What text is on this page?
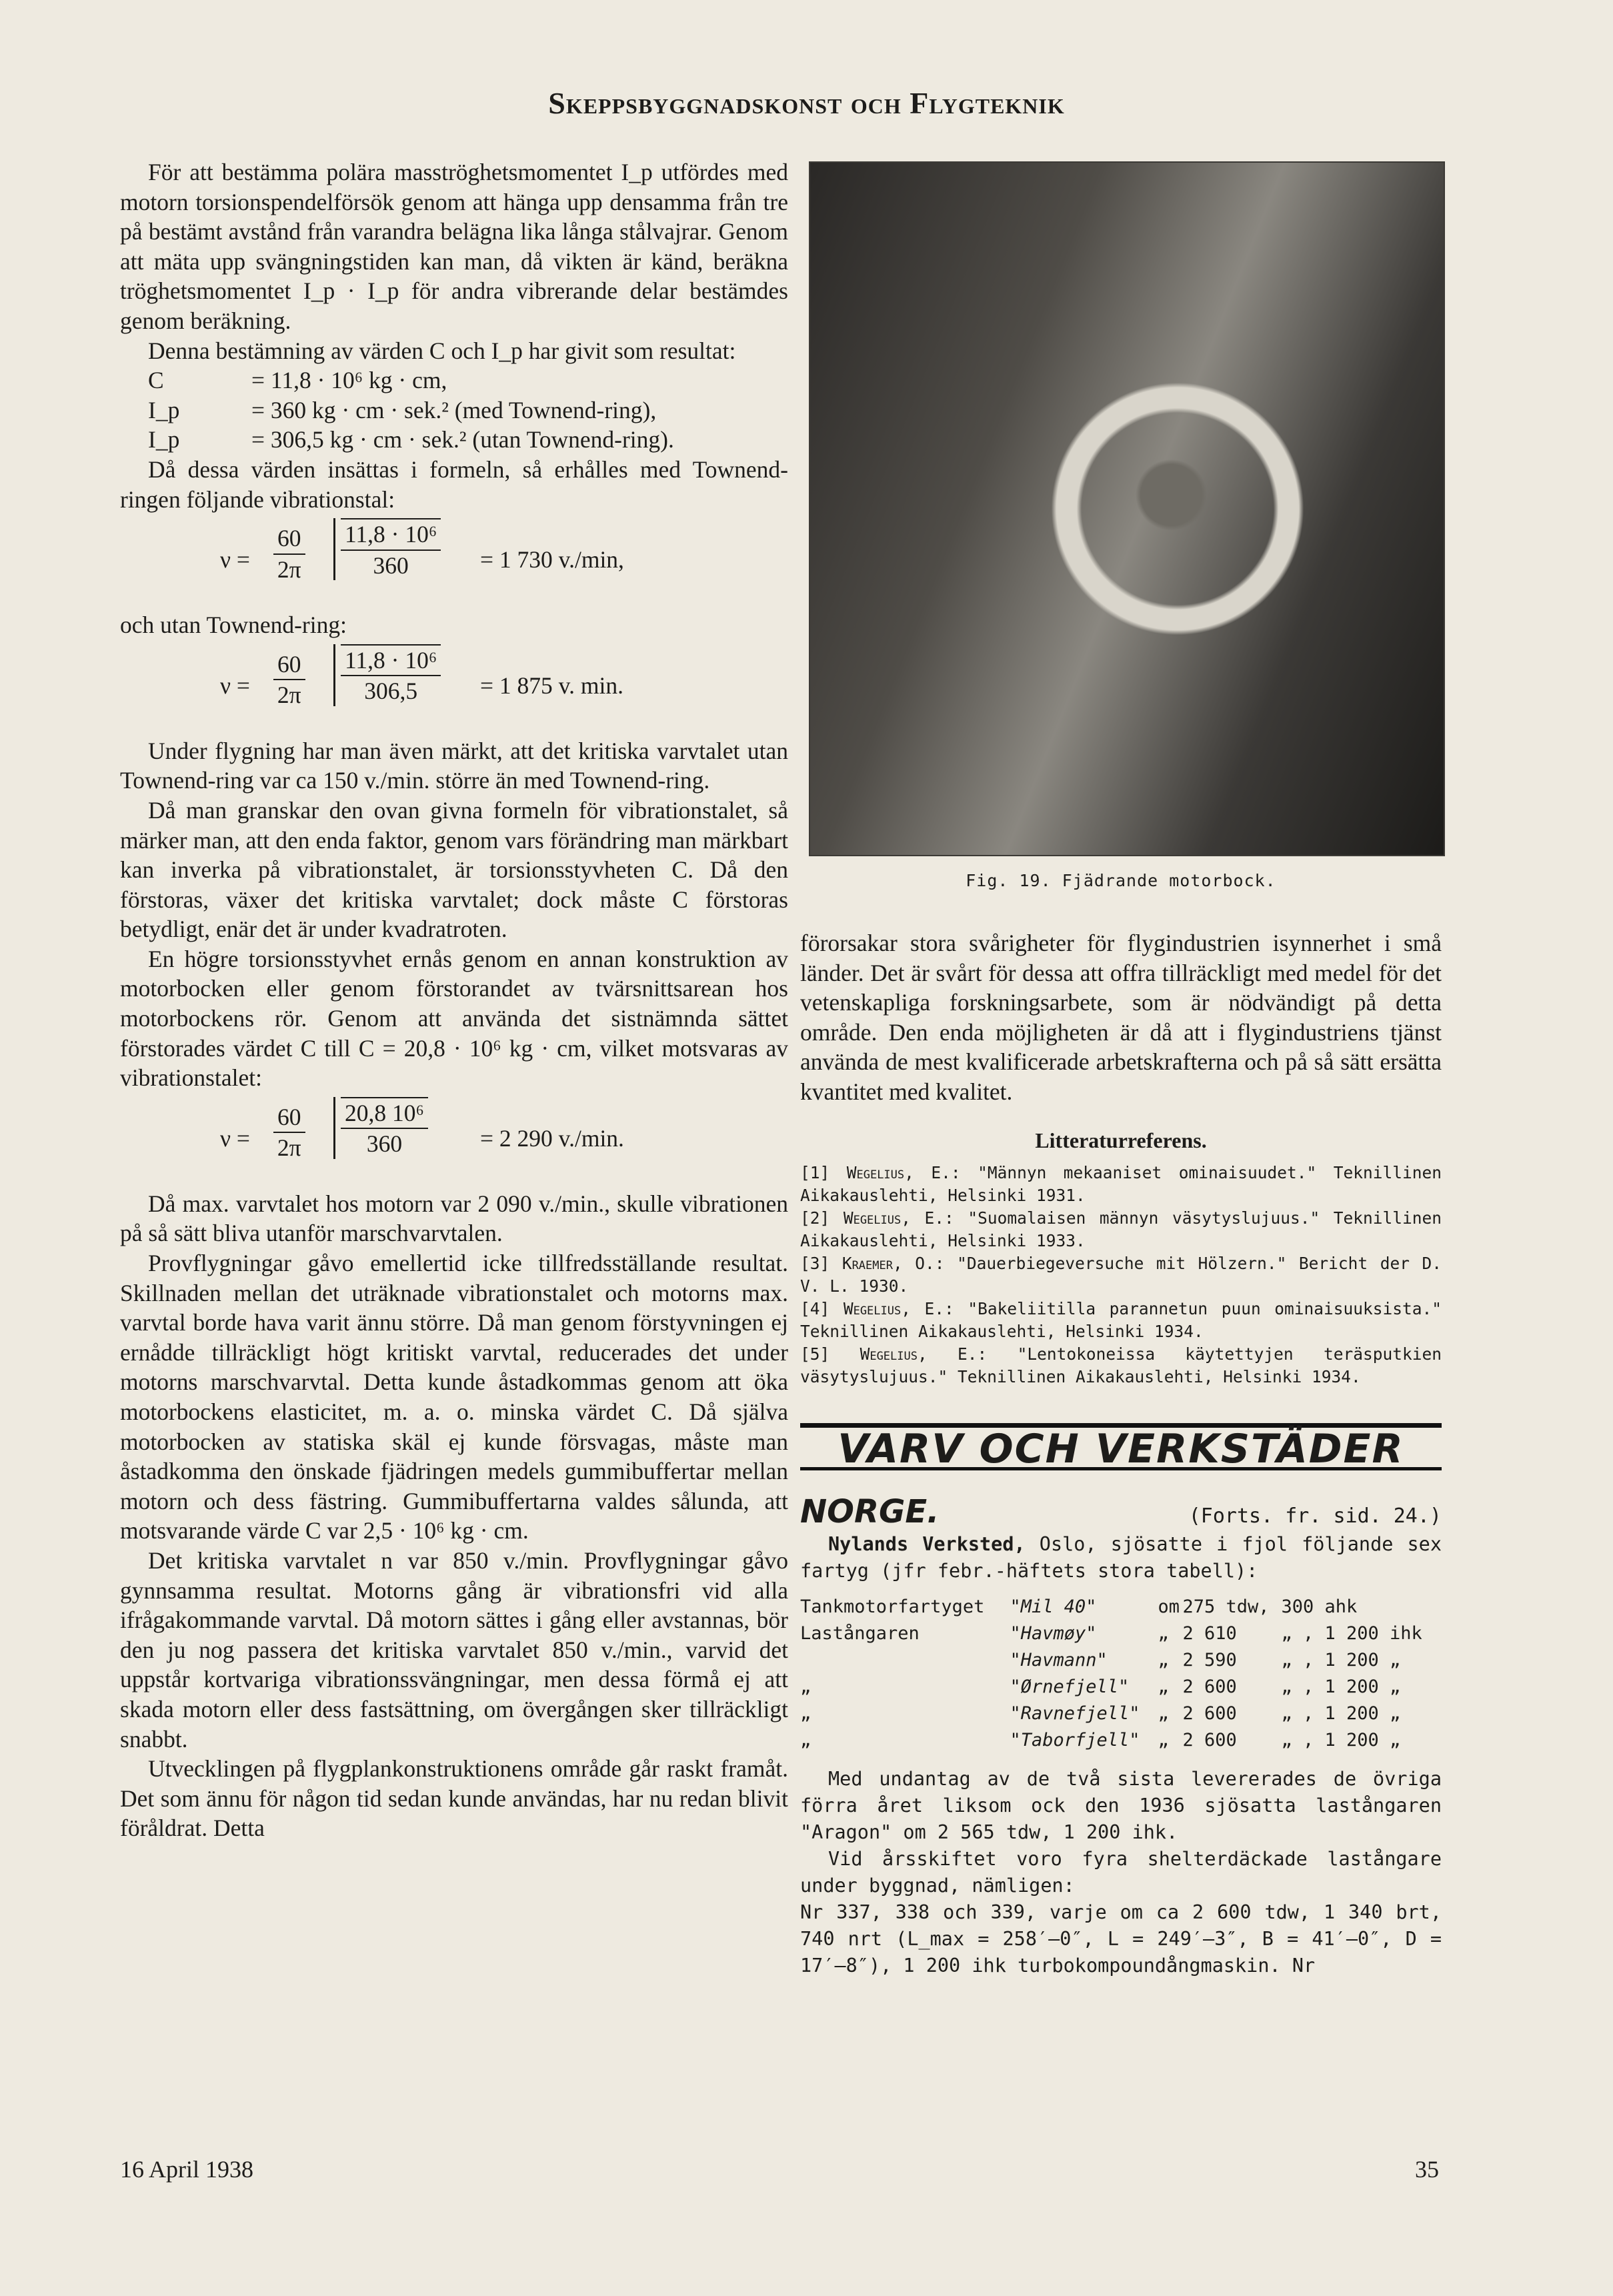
Skeppsbyggnadskonst och Flygteknik

För att bestämma polära masströghetsmomentet I_p utfördes med motorn torsionspendelförsök genom att hänga upp densamma från tre på bestämt avstånd från varandra belägna lika långa stålvajrar. Genom att mäta upp svängningstiden kan man, då vikten är känd, beräkna tröghetsmomentet I_p · I_p för andra vibrerande delar bestämdes genom beräkning.

Denna bestämning av värden C och I_p har givit som resultat:

C	= 11,8 · 10⁶ kg · cm,
I_p	= 360 kg · cm · sek.² (med Townend-ring),
I_p	= 306,5 kg · cm · sek.² (utan Townend-ring).

Då dessa värden insättas i formeln, så erhålles med Townend-ringen följande vibrationstal:

$\nu = \frac{60}{2\pi} \frac{\text{11,8 · 10⁶}}{360} = 1$ 730 v./min,

och utan Townend-ring:

$\nu = \frac{60}{2\pi} \frac{\text{11,8 · 10⁶}}{306,5} = 1$ 875 v. min.

Under flygning har man även märkt, att det kritiska varvtalet utan Townend-ring var ca 150 v./min. större än med Townend-ring.

Då man granskar den ovan givna formeln för vibrationstalet, så märker man, att den enda faktor, genom vars förändring man märkbart kan inverka på vibrationstalet, är torsionsstyvheten C. Då den förstoras, växer det kritiska varvtalet; dock måste C förstoras betydligt, enär det är under kvadratroten.

En högre torsionsstyvhet ernås genom en annan konstruktion av motorbocken eller genom förstorandet av tvärsnittsarean hos motorbockens rör. Genom att använda det sistnämnda sättet förstorades värdet C till C = 20,8 · 10⁶ kg · cm, vilket motsvaras av vibrationstalet:

$\nu = \frac{60}{2\pi} \frac{\text{20,8 10⁶}}{360} = 2$ 290 v./min.

Då max. varvtalet hos motorn var 2 090 v./min., skulle vibrationen på så sätt bliva utanför marschvarvtalen.

Provflygningar gåvo emellertid icke tillfredsställande resultat. Skillnaden mellan det uträknade vibrationstalet och motorns max. varvtal borde hava varit ännu större. Då man genom förstyvningen ej ernådde tillräckligt högt kritiskt varvtal, reducerades det under motorns marschvarvtal. Detta kunde åstadkommas genom att öka motorbockens elasticitet, m. a. o. minska värdet C. Då själva motorbocken av statiska skäl ej kunde försvagas, måste man åstadkomma den önskade fjädringen medels gummibuffertar mellan motorn och dess fästring. Gummibuffertarna valdes sålunda, att motsvarande värde C var 2,5 · 10⁶ kg · cm.

Det kritiska varvtalet n var 850 v./min. Provflygningar gåvo gynnsamma resultat. Motorns gång är vibrationsfri vid alla ifrågakommande varvtal. Då motorn sättes i gång eller avstannas, bör den ju nog passera det kritiska varvtalet 850 v./min., varvid det uppstår kortvariga vibrationssvängningar, men dessa förmå ej att skada motorn eller dess fastsättning, om övergången sker tillräckligt snabbt.

Utvecklingen på flygplankonstruktionens område går raskt framåt. Det som ännu för någon tid sedan kunde användas, har nu redan blivit föråldrat. Detta

Fig. 19. Fjädrande motorbock.

förorsakar stora svårigheter för flygindustrien isynnerhet i små länder. Det är svårt för dessa att offra tillräckligt med medel för det vetenskapliga forskningsarbete, som är nödvändigt på detta område. Den enda möjligheten är då att i flygindustriens tjänst använda de mest kvalificerade arbetskrafterna och på så sätt ersätta kvantitet med kvalitet.

Litteraturreferens.

[1] Wegelius, E.: "Männyn mekaaniset ominaisuudet." Teknillinen Aikakauslehti, Helsinki 1931.

[2] Wegelius, E.: "Suomalaisen männyn väsytyslujuus." Teknillinen Aikakauslehti, Helsinki 1933.

[3] Kraemer, O.: "Dauerbiegeversuche mit Hölzern." Bericht der D. V. L. 1930.

[4] Wegelius, E.: "Bakeliitilla parannetun puun ominaisuuksista." Teknillinen Aikakauslehti, Helsinki 1934.

[5] Wegelius, E.: "Lentokoneissa käytettyjen teräsputkien väsytyslujuus." Teknillinen Aikakauslehti, Helsinki 1934.

VARV OCH VERKSTÄDER
NORGE.	(Forts. fr. sid. 24.)

Nylands Verksted, Oslo, sjösatte i fjol följande sex fartyg (jfr febr.-häftets stora tabell):

Tankmotorfartyget	"Mil 40"	om	275 tdw,	300 ahk
Lastångaren	"Havmøy"	„	2 610	„ , 1 200 ihk
	"Havmann"	„	2 590	„ , 1 200 „
„	"Ørnefjell"	„	2 600	„ , 1 200 „
„	"Ravnefjell"	„	2 600	„ , 1 200 „
„	"Taborfjell"	„	2 600	„ , 1 200 „

Med undantag av de två sista levererades de övriga förra året liksom ock den 1936 sjösatta lastångaren "Aragon" om 2 565 tdw, 1 200 ihk.

Vid årsskiftet voro fyra shelterdäckade lastångare under byggnad, nämligen:

Nr 337, 338 och 339, varje om ca 2 600 tdw, 1 340 brt, 740 nrt (L_max = 258′—0″, L = 249′—3″, B = 41′—0″, D = 17′—8″), 1 200 ihk turbokompoundångmaskin. Nr

16 April 1938	35
